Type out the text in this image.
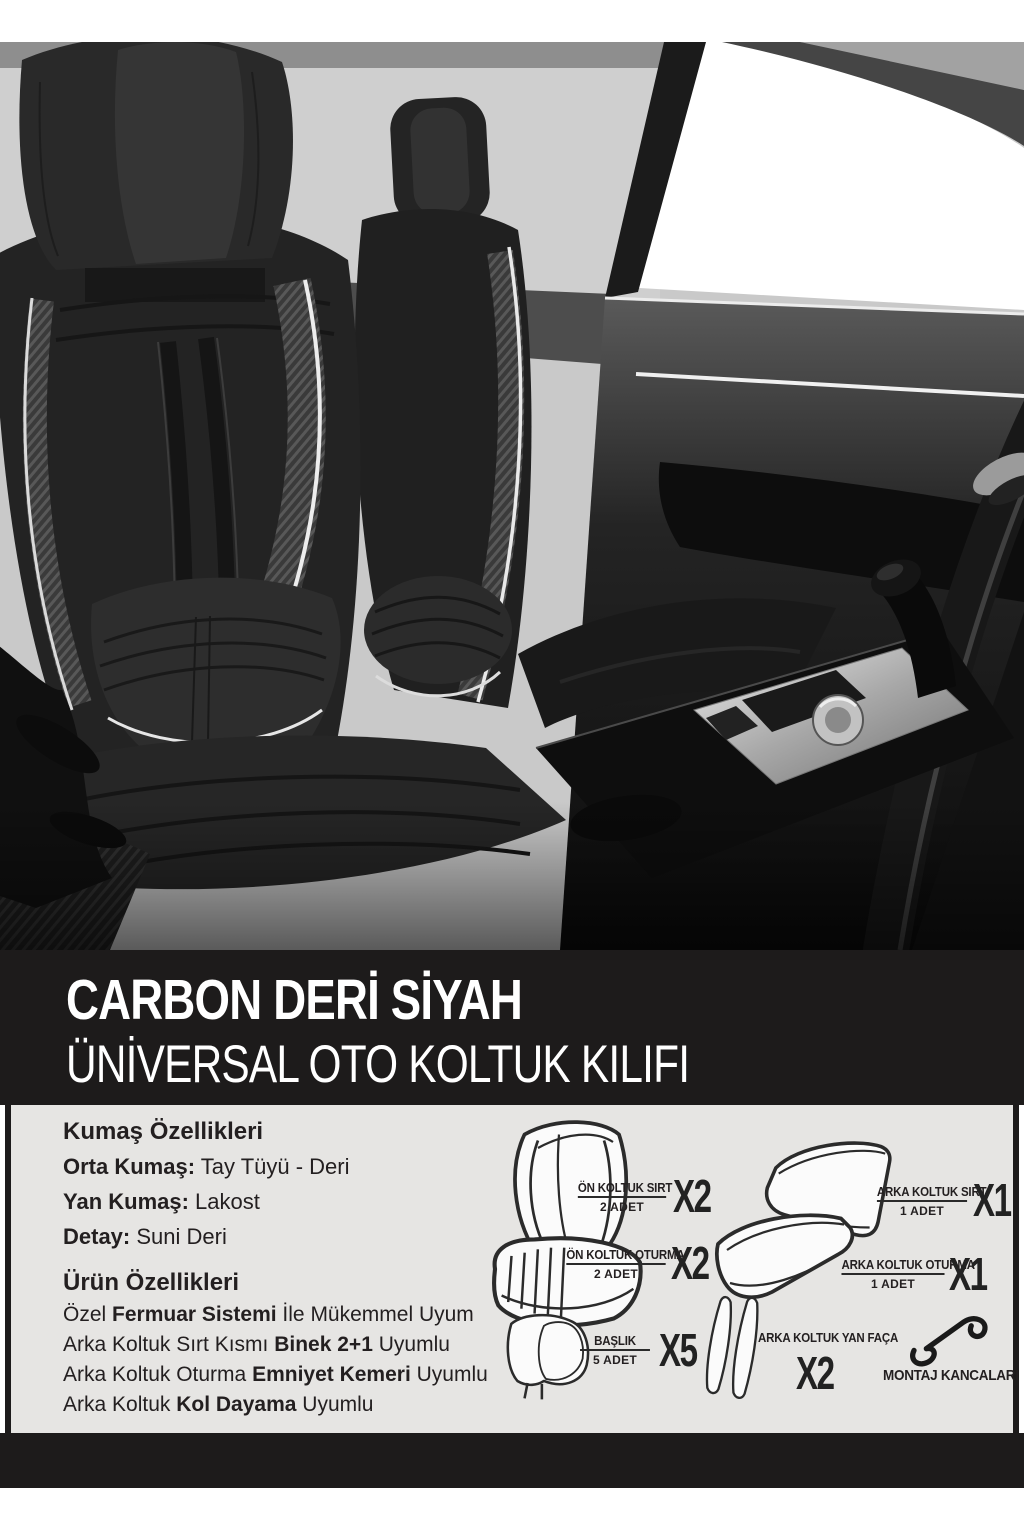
CARBON DERİ SİYAH
ÜNİVERSAL OTO KOLTUK KILIFI
Kumaş Özellikleri
Orta Kumaş: Tay Tüyü - Deri
Yan Kumaş: Lakost
Detay: Suni Deri
Ürün Özellikleri
Özel Fermuar Sistemi İle Mükemmel Uyum
Arka Koltuk Sırt Kısmı Binek 2+1 Uyumlu
Arka Koltuk Oturma Emniyet Kemeri Uyumlu
Arka Koltuk Kol Dayama Uyumlu
ÖN KOLTUK SIRT
2 ADET X2
ÖN KOLTUK OTURMA
2 ADET X2
ARKA KOLTUK SIRT
1 ADET X1
ARKA KOLTUK OTURMA
1 ADET X1
BAŞLIK
5 ADET X5	ARKA KOLTUK YAN FAÇA
X2	MONTAJ KANCALARI
